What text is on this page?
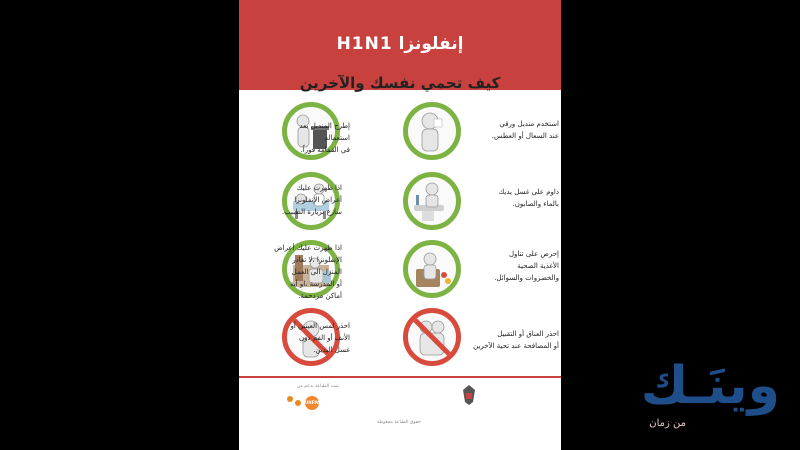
إنفلونزا H1N1
كيف تحمي نفسك والآخرين
إطرح المنديل بعد
استعماله
في القمامة فوراً.
استخدم منديل ورقي
عند السعال أو العطس.
اذا ظهرت عليك
أعراض الإنفلونزا
سارع بزيارة الطبيب.
داوم على غسل يديك
بالماء والصابون.
اذا ظهرت عليك أعراض
الإنفلونزا ،لا تغادر
المنزل الى العمل
أو المدرسة ،او أية
أماكن مزدحمة.
إحرص على تناول
الأغذية الصحية
والخضروات والسوائل.
احذر لمس العينين أو
الأنف أو الفم دون
غسل اليدين.
احذر العناق أو التقبيل
أو المصافحة عند تحية الآخرين
تمت الطباعة بدعم من
UNFPA
حقوق الطباعة محفوظة
وينَـك
من زمان
